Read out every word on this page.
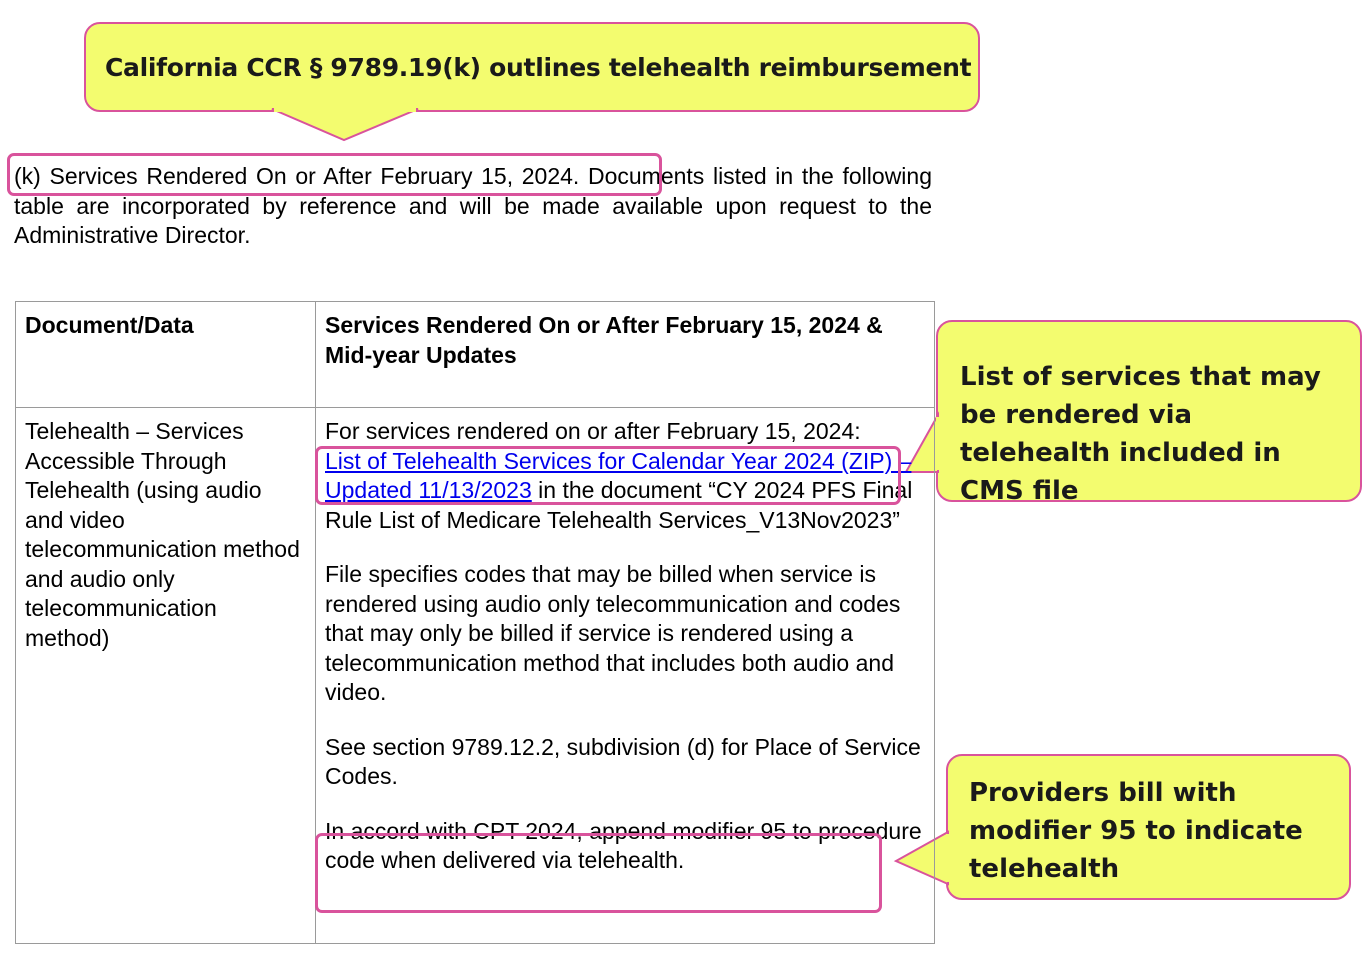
California CCR § 9789.19(k) outlines telehealth reimbursement
List of services that may be rendered via telehealth included in CMS file
Providers bill with modifier 95 to indicate telehealth
(k) Services Rendered On or After February 15, 2024. Documents listed in the following table are incorporated by reference and will be made available upon request to the Administrative Director.
Document/Data	Services Rendered On or After February 15, 2024 & Mid-year Updates
Telehealth – Services Accessible Through Telehealth (using audio and video telecommunication method and audio only telecommunication method)	For services rendered on or after February 15, 2024:
List of Telehealth Services for Calendar Year 2024 (ZIP) – Updated 11/13/2023 in the document “CY 2024 PFS Final Rule List of Medicare Telehealth Services_V13Nov2023”
File specifies codes that may be billed when service is rendered using audio only telecommunication and codes that may only be billed if service is rendered using a telecommunication method that includes both audio and video.
See section 9789.12.2, subdivision (d) for Place of Service Codes.
In accord with CPT 2024, append modifier 95 to procedure code when delivered via telehealth.
